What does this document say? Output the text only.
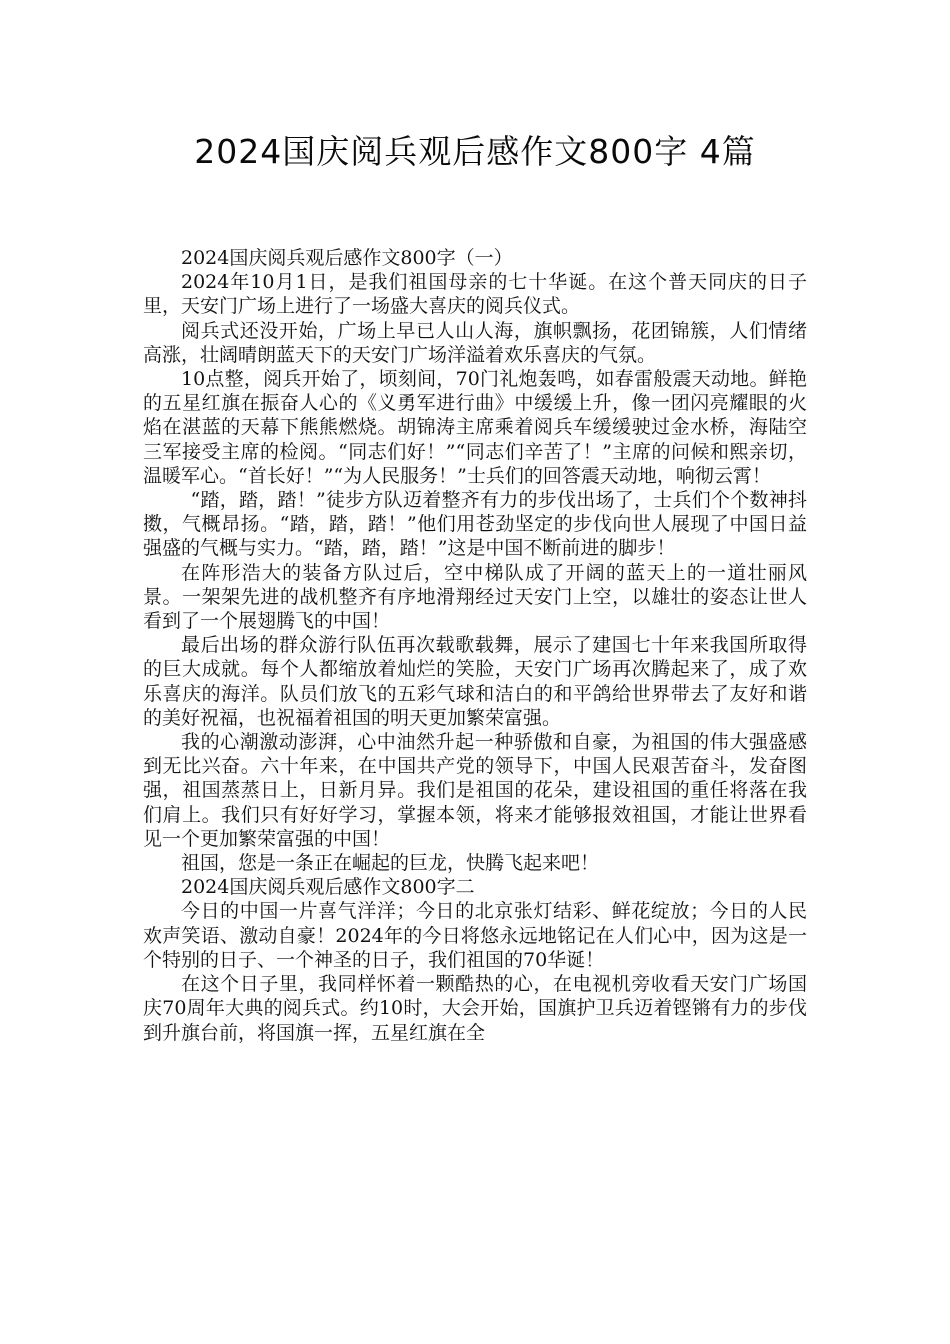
2024国庆阅兵观后感作文800字 4篇

2024国庆阅兵观后感作文800字（一）

2024年10月1日，是我们祖国母亲的七十华诞。在这个普天同庆的日子里，天安门广场上进行了一场盛大喜庆的阅兵仪式。

阅兵式还没开始，广场上早已人山人海，旗帜飘扬，花团锦簇，人们情绪高涨，壮阔晴朗蓝天下的天安门广场洋溢着欢乐喜庆的气氛。

10点整，阅兵开始了，顷刻间，70门礼炮轰鸣，如春雷般震天动地。鲜艳的五星红旗在振奋人心的《义勇军进行曲》中缓缓上升，像一团闪亮耀眼的火焰在湛蓝的天幕下熊熊燃烧。胡锦涛主席乘着阅兵车缓缓驶过金水桥，海陆空三军接受主席的检阅。“同志们好！”“同志们辛苦了！”主席的问候和熙亲切，温暖军心。“首长好！”“为人民服务！”士兵们的回答震天动地，响彻云霄！

“踏，踏，踏！”徒步方队迈着整齐有力的步伐出场了，士兵们个个数神抖擞，气概昂扬。“踏，踏，踏！”他们用苍劲坚定的步伐向世人展现了中国日益强盛的气概与实力。“踏，踏，踏！”这是中国不断前进的脚步！

在阵形浩大的装备方队过后，空中梯队成了开阔的蓝天上的一道壮丽风景。一架架先进的战机整齐有序地滑翔经过天安门上空，以雄壮的姿态让世人看到了一个展翅腾飞的中国！

最后出场的群众游行队伍再次载歌载舞，展示了建国七十年来我国所取得的巨大成就。每个人都缩放着灿烂的笑脸，天安门广场再次腾起来了，成了欢乐喜庆的海洋。队员们放飞的五彩气球和洁白的和平鸽给世界带去了友好和谐的美好祝福，也祝福着祖国的明天更加繁荣富强。

我的心潮激动澎湃，心中油然升起一种骄傲和自豪，为祖国的伟大强盛感到无比兴奋。六十年来，在中国共产党的领导下，中国人民艰苦奋斗，发奋图强，祖国蒸蒸日上，日新月异。我们是祖国的花朵，建设祖国的重任将落在我们肩上。我们只有好好学习，掌握本领，将来才能够报效祖国，才能让世界看见一个更加繁荣富强的中国！

祖国，您是一条正在崛起的巨龙，快腾飞起来吧！

2024国庆阅兵观后感作文800字二

今日的中国一片喜气洋洋；今日的北京张灯结彩、鲜花绽放；今日的人民欢声笑语、激动自豪！2024年的今日将悠永远地铭记在人们心中，因为这是一个特别的日子、一个神圣的日子，我们祖国的70华诞！

在这个日子里，我同样怀着一颗酷热的心，在电视机旁收看天安门广场国庆70周年大典的阅兵式。约10时，大会开始，国旗护卫兵迈着铿锵有力的步伐到升旗台前，将国旗一挥，五星红旗在全
